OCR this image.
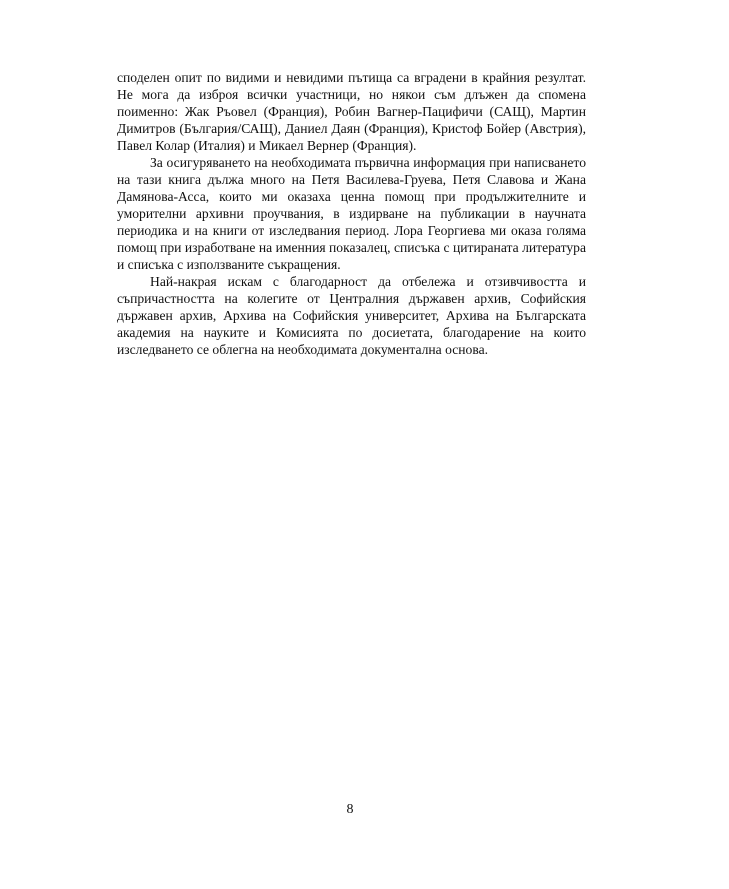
споделен опит по видими и невидими пътища са вградени в крайния резултат. Не мога да изброя всички участници, но някои съм длъжен да спомена поименно: Жак Ръовел (Франция), Робин Вагнер-Пацифичи (САЩ), Мартин Димитров (България/САЩ), Даниел Даян (Франция), Кристоф Бойер (Австрия), Павел Колар (Италия) и Микаел Вернер (Франция).

За осигуряването на необходимата първична информация при написването на тази книга дължа много на Петя Василева-Груева, Петя Славова и Жана Дамянова-Асса, които ми оказаха ценна помощ при продължителните и уморителни архивни проучвания, в издирване на публикации в научната периодика и на книги от изследвания период. Лора Георгиева ми оказа голяма помощ при изработване на именния показалец, списъка с цитираната литература и списъка с използваните съкращения.

Най-накрая искам с благодарност да отбележа и отзивчивостта и съпричастността на колегите от Централния държавен архив, Софийския държавен архив, Архива на Софийския университет, Архива на Българската академия на науките и Комисията по досиетата, благодарение на които изследването се облегна на необходимата документална основа.

8
